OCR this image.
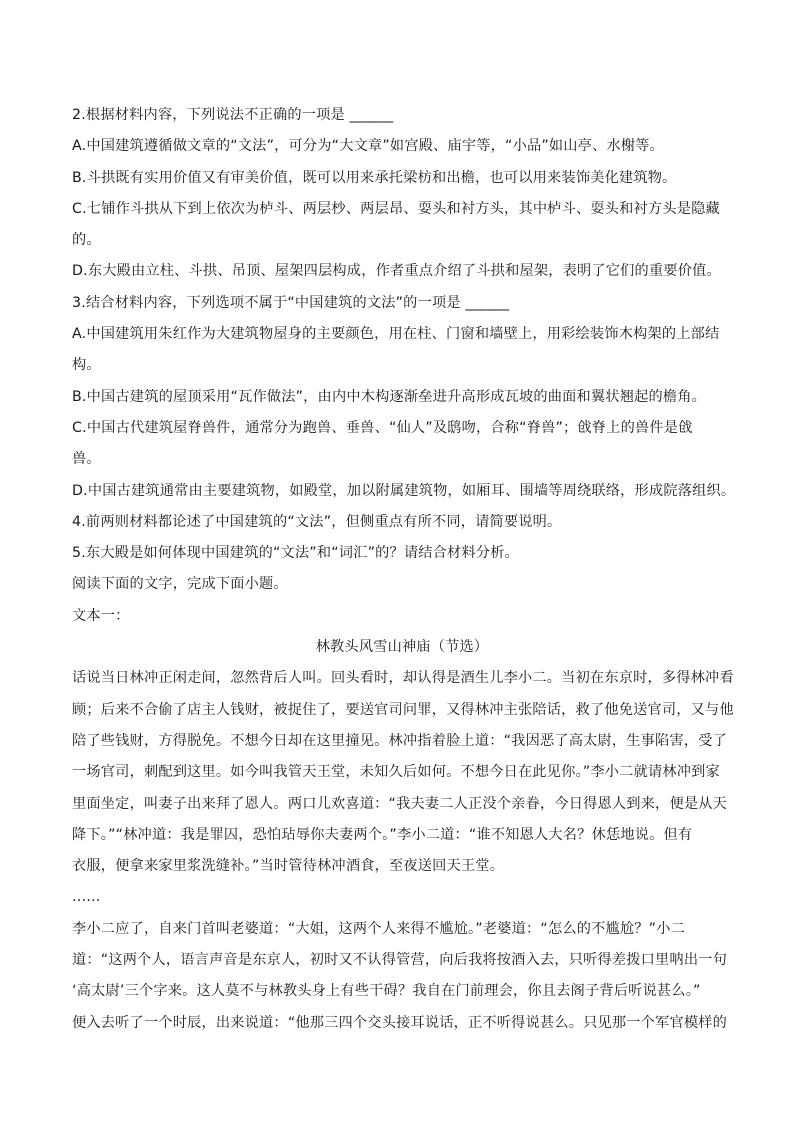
2.根据材料内容，下列说法不正确的一项是 ______
A.中国建筑遵循做文章的“文法”，可分为“大文章”如宫殿、庙宇等，“小品”如山亭、水榭等。
B.斗拱既有实用价值又有审美价值，既可以用来承托梁枋和出檐，也可以用来装饰美化建筑物。
C.七铺作斗拱从下到上依次为栌斗、两层杪、两层昂、耍头和衬方头，其中栌斗、耍头和衬方头是隐藏
的。
D.东大殿由立柱、斗拱、吊顶、屋架四层构成，作者重点介绍了斗拱和屋架，表明了它们的重要价值。
3.结合材料内容，下列选项不属于“中国建筑的文法”的一项是 ______
A.中国建筑用朱红作为大建筑物屋身的主要颜色，用在柱、门窗和墙壁上，用彩绘装饰木构架的上部结
构。
B.中国古建筑的屋顶采用“瓦作做法”，由内中木构逐渐垒进升高形成瓦坡的曲面和翼状翘起的檐角。
C.中国古代建筑屋脊兽件，通常分为跑兽、垂兽、“仙人”及鸱吻，合称“脊兽”；戗脊上的兽件是戗
兽。
D.中国古建筑通常由主要建筑物，如殿堂，加以附属建筑物，如厢耳、围墙等周绕联络，形成院落组织。
4.前两则材料都论述了中国建筑的“文法”，但侧重点有所不同，请简要说明。
5.东大殿是如何体现中国建筑的“文法”和“词汇”的？请结合材料分析。
阅读下面的文字，完成下面小题。
文本一：
林教头风雪山神庙（节选）
话说当日林冲正闲走间，忽然背后人叫。回头看时，却认得是酒生儿李小二。当初在东京时，多得林冲看
顾；后来不合偷了店主人钱财，被捉住了，要送官司问罪，又得林冲主张陪话，救了他免送官司，又与他
陪了些钱财，方得脱免。不想今日却在这里撞见。林冲指着脸上道：“我因恶了高太尉，生事陷害，受了
一场官司，刺配到这里。如今叫我管天王堂，未知久后如何。不想今日在此见你。”李小二就请林冲到家
里面坐定，叫妻子出来拜了恩人。两口儿欢喜道：“我夫妻二人正没个亲眷，今日得恩人到来，便是从天
降下。”“林冲道：我是罪囚，恐怕玷辱你夫妻两个。”李小二道：“谁不知恩人大名？休恁地说。但有
衣服，便拿来家里浆洗缝补。”当时管待林冲酒食，至夜送回天王堂。
……
李小二应了，自来门首叫老婆道：“大姐，这两个人来得不尴尬。”老婆道：“怎么的不尴尬？”小二
道：“这两个人，语言声音是东京人，初时又不认得管营，向后我将按酒入去，只听得差拨口里呐出一句
‘高太尉’三个字来。这人莫不与林教头身上有些干碍？我自在门前理会，你且去阁子背后听说甚么。”
便入去听了一个时辰，出来说道：“他那三四个交头接耳说话，正不听得说甚么。只见那一个军官模样的
